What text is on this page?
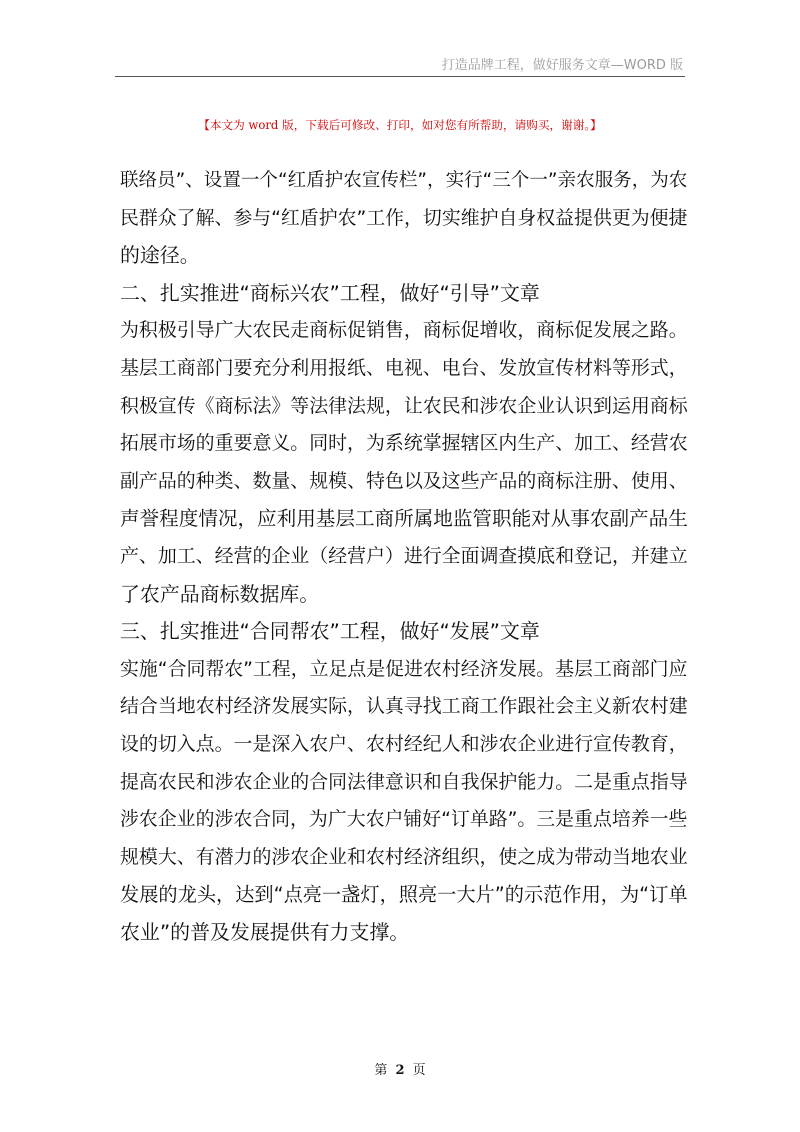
打造品牌工程，做好服务文章—WORD 版
【本文为 word 版，下载后可修改、打印，如对您有所帮助，请购买，谢谢。】
联络员”、设置一个“红盾护农宣传栏”，实行“三个一”亲农服务，为农
民群众了解、参与“红盾护农”工作，切实维护自身权益提供更为便捷
的途径。
二、扎实推进“商标兴农”工程，做好“引导”文章
为积极引导广大农民走商标促销售，商标促增收，商标促发展之路。
基层工商部门要充分利用报纸、电视、电台、发放宣传材料等形式，
积极宣传《商标法》等法律法规，让农民和涉农企业认识到运用商标
拓展市场的重要意义。同时，为系统掌握辖区内生产、加工、经营农
副产品的种类、数量、规模、特色以及这些产品的商标注册、使用、
声誉程度情况，应利用基层工商所属地监管职能对从事农副产品生
产、加工、经营的企业（经营户）进行全面调查摸底和登记，并建立
了农产品商标数据库。
三、扎实推进“合同帮农”工程，做好“发展”文章
实施“合同帮农”工程，立足点是促进农村经济发展。基层工商部门应
结合当地农村经济发展实际，认真寻找工商工作跟社会主义新农村建
设的切入点。一是深入农户、农村经纪人和涉农企业进行宣传教育，
提高农民和涉农企业的合同法律意识和自我保护能力。二是重点指导
涉农企业的涉农合同，为广大农户铺好“订单路”。三是重点培养一些
规模大、有潜力的涉农企业和农村经济组织，使之成为带动当地农业
发展的龙头，达到“点亮一盏灯，照亮一大片”的示范作用，为“订单
农业”的普及发展提供有力支撑。
第 2 页
